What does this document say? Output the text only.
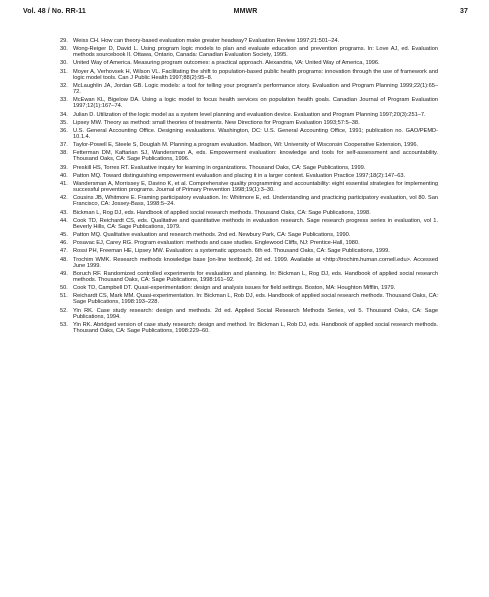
Vol. 48 / No. RR-11	MMWR	37
29. Weiss CH. How can theory-based evaluation make greater headway? Evaluation Review 1997;21:501–24.
30. Wong-Reiger D, David L. Using program logic models to plan and evaluate education and prevention programs. In: Love AJ, ed. Evaluation methods sourcebook II. Ottawa, Ontario, Canada: Canadian Evaluation Society, 1995.
30. United Way of America. Measuring program outcomes: a practical approach. Alexandria, VA: United Way of America, 1996.
31. Moyer A, Verhovsek H, Wilson VL. Facilitating the shift to population-based public health programs: innovation through the use of framework and logic model tools. Can J Public Health 1997;88(2):95–8.
32. McLaughlin JA, Jordan GB. Logic models: a tool for telling your program's performance story. Evaluation and Program Planning 1999;22(1):65–72.
33. McEwan KL, Bigelow DA. Using a logic model to focus health services on population health goals. Canadian Journal of Program Evaluation 1997;12(1):167–74.
34. Julian D. Utilization of the logic model as a system level planning and evaluation device. Evaluation and Program Planning 1997;20(3):251–7.
35. Lipsey MW. Theory as method: small theories of treatments. New Directions for Program Evaluation 1993;57:5–38.
36. U.S. General Accounting Office. Designing evaluations. Washington, DC: U.S. General Accounting Office, 1991; publication no. GAO/PEMD-10.1.4.
37. Taylor-Powell E, Steele S, Douglah M. Planning a program evaluation. Madison, WI: University of Wisconsin Cooperative Extension, 1996.
38. Fetterman DM, Kaftarian SJ, Wandersman A, eds. Empowerment evaluation: knowledge and tools for self-assessment and accountability. Thousand Oaks, CA: Sage Publications, 1996.
39. Preskill HS, Torres RT. Evaluative inquiry for learning in organizations. Thousand Oaks, CA: Sage Publications, 1999.
40. Patton MQ. Toward distinguishing empowerment evaluation and placing it in a larger context. Evaluation Practice 1997;18(2):147–63.
41. Wandersman A, Morrissey E, Davino K, et al. Comprehensive quality programming and accountability: eight essential strategies for implementing successful prevention programs. Journal of Primary Prevention 1998;19(1):3–30.
42. Cousins JB, Whitmore E. Framing participatory evaluation. In: Whitmore E, ed. Understanding and practicing participatory evaluation, vol 80. San Francisco, CA: Jossey-Bass, 1998:5–24.
43. Bickman L, Rog DJ, eds. Handbook of applied social research methods. Thousand Oaks, CA: Sage Publications, 1998.
44. Cook TD, Reichardt CS, eds. Qualitative and quantitative methods in evaluation research. Sage research progress series in evaluation, vol 1. Beverly Hills, CA: Sage Publications, 1979.
45. Patton MQ. Qualitative evaluation and research methods. 2nd ed. Newbury Park, CA: Sage Publications, 1990.
46. Posavac EJ, Carey RG. Program evaluation: methods and case studies. Englewood Cliffs, NJ: Prentice-Hall, 1980.
47. Rossi PH, Freeman HE, Lipsey MW. Evaluation: a systematic approach. 6th ed. Thousand Oaks, CA: Sage Publications, 1999.
48. Trochim WMK. Research methods knowledge base [on-line textbook]. 2d ed. 1999. Available at <http://trochim.human.cornell.edu>. Accessed June 1999.
49. Boruch RF. Randomized controlled experiments for evaluation and planning. In: Bickman L, Rog DJ, eds. Handbook of applied social research methods. Thousand Oaks, CA: Sage Publications, 1998:161–92.
50. Cook TD, Campbell DT. Quasi-experimentation: design and analysis issues for field settings. Boston, MA: Houghton Mifflin, 1979.
51. Reichardt CS, Mark MM. Quasi-experimentation. In: Bickman L, Rob DJ, eds. Handbook of applied social research methods. Thousand Oaks, CA: Sage Publications, 1998:193–228.
52. Yin RK. Case study research: design and methods. 2d ed. Applied Social Research Methods Series, vol 5. Thousand Oaks, CA: Sage Publications, 1994.
53. Yin RK. Abridged version of case study research: design and method. In: Bickman L, Rob DJ, eds. Handbook of applied social research methods. Thousand Oaks, CA: Sage Publications, 1998:229–60.
